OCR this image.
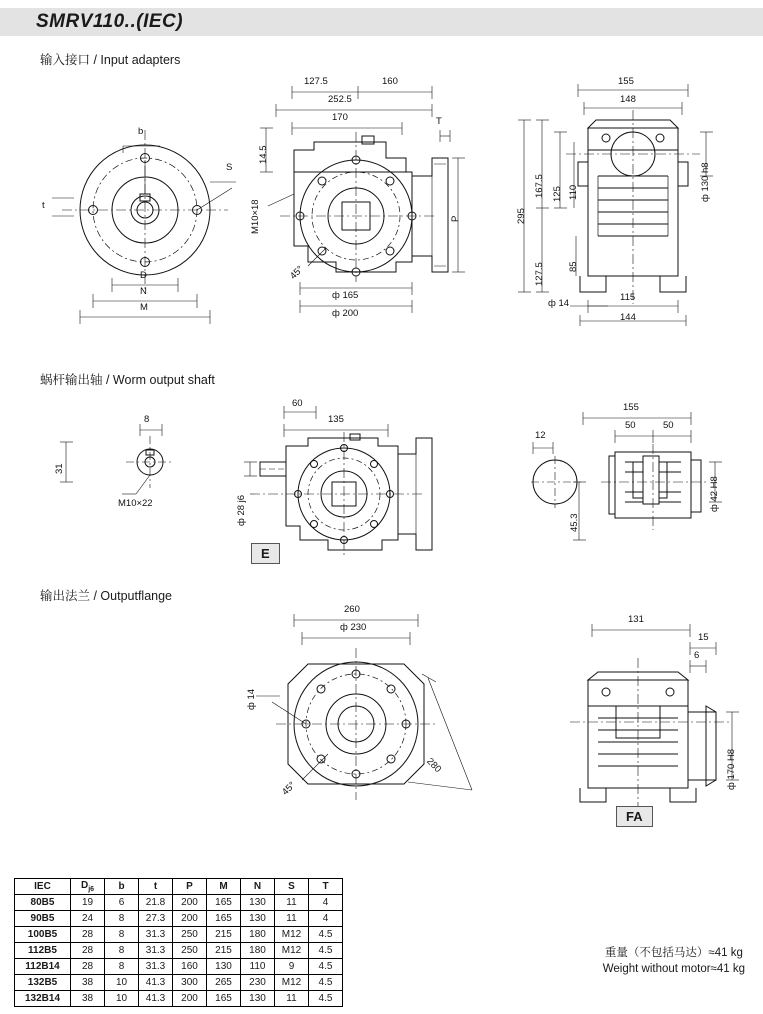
SMRV110..(IEC)
输入接口 / Input adapters
b
S
t
D
N
M
127.5	160
252.5
170
14.5
T
P
M10×18
45°
ф 165
ф 200
155
148
295
167.5
127.5
125 110
85
ф 130 h8
ф 14
115
144
蜗杆输出轴 / Worm output shaft
8
31
M10×22
60
135
ф 28 j6
E
155
50	50
12
ф 42 H8
45.3
输出法兰 / Outputflange
260
ф 230
ф 14
45°
280
131
15
6
ф 170 H8
FA
IEC	$D_{j6}$	b	t	P	M	N	S	T
80B5	19	6	21.8	200	165	130	11	4
90B5	24	8	27.3	200	165	130	11	4
100B5	28	8	31.3	250	215	180	M12	4.5
112B5	28	8	31.3	250	215	180	M12	4.5
112B14	28	8	31.3	160	130	110	9	4.5
132B5	38	10	41.3	300	265	230	M12	4.5
132B14	38	10	41.3	200	165	130	11	4.5
重量（不包括马达）≈41 kg
Weight without motor≈41 kg
